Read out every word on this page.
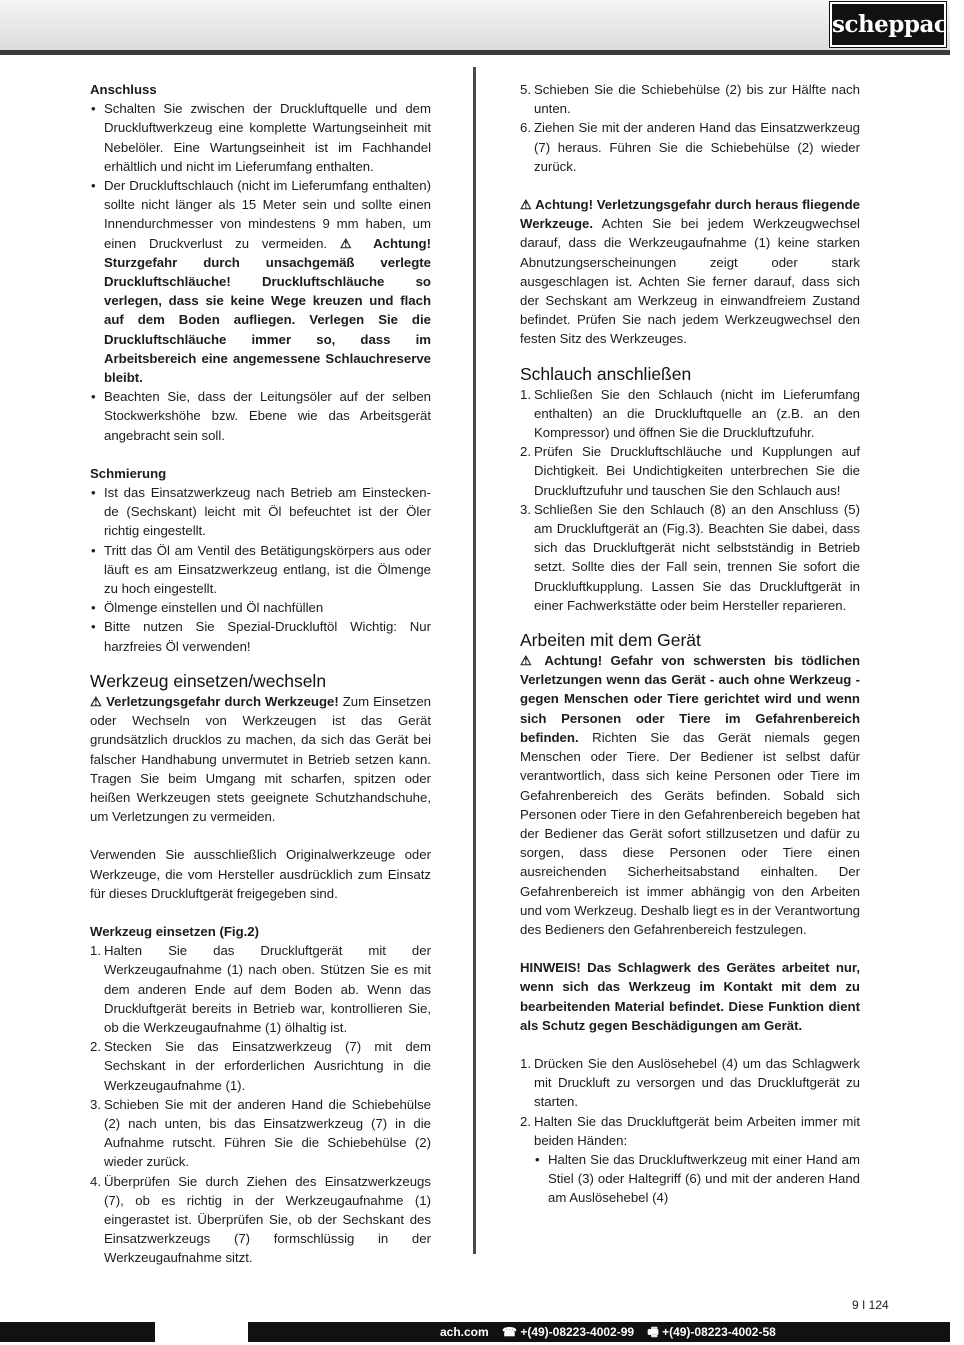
scheppach

Anschluss

• Schalten Sie zwischen der Druckluftquelle und dem Druckluftwerkzeug eine komplette Wartungseinheit mit Nebelöler. Eine Wartungseinheit ist im Fachhandel erhältlich und nicht im Lieferumfang enthalten.
• Der Druckluftschlauch (nicht im Lieferumfang enthalten) sollte nicht länger als 15 Meter sein und sollte einen Innendurchmesser von mindestens 9 mm haben, um einen Druckverlust zu vermeiden. ⚠ Achtung! Sturzgefahr durch unsachgemäß verlegte Druckluftschläuche! Druckluftschläuche so verlegen, dass sie keine Wege kreuzen und flach auf dem Boden aufliegen. Verlegen Sie die Druckluftschläuche immer so, dass im Arbeitsbereich eine angemessene Schlauchreserve bleibt.
• Beachten Sie, dass der Leitungsöler auf der selben Stockwerkshöhe bzw. Ebene wie das Arbeitsgerät angebracht sein soll.

Schmierung

• Ist das Einsatzwerkzeug nach Betrieb am Einstecken-de (Sechskant) leicht mit Öl befeuchtet ist der Öler richtig eingestellt.
• Tritt das Öl am Ventil des Betätigungskörpers aus oder läuft es am Einsatzwerkzeug entlang, ist die Ölmenge zu hoch eingestellt.
• Ölmenge einstellen und Öl nachfüllen
• Bitte nutzen Sie Spezial-Druckluftöl Wichtig: Nur harzfreies Öl verwenden!
Werkzeug einsetzen/wechseln

⚠ Verletzungsgefahr durch Werkzeuge! Zum Einsetzen oder Wechseln von Werkzeugen ist das Gerät grundsätzlich drucklos zu machen, da sich das Gerät bei falscher Handhabung unvermutet in Betrieb setzen kann. Tragen Sie beim Umgang mit scharfen, spitzen oder heißen Werkzeugen stets geeignete Schutzhandschuhe, um Verletzungen zu vermeiden.

Verwenden Sie ausschließlich Originalwerkzeuge oder Werkzeuge, die vom Hersteller ausdrücklich zum Einsatz für dieses Druckluftgerät freigegeben sind.

Werkzeug einsetzen (Fig.2)

1. Halten Sie das Druckluftgerät mit der Werkzeugaufnahme (1) nach oben. Stützen Sie es mit dem anderen Ende auf dem Boden ab. Wenn das Druckluftgerät bereits in Betrieb war, kontrollieren Sie, ob die Werkzeugaufnahme (1) ölhaltig ist.
2. Stecken Sie das Einsatzwerkzeug (7) mit dem Sechskant in der erforderlichen Ausrichtung in die Werkzeugaufnahme (1).
3. Schieben Sie mit der anderen Hand die Schiebehülse (2) nach unten, bis das Einsatzwerkzeug (7) in die Aufnahme rutscht. Führen Sie die Schiebehülse (2) wieder zurück.
4. Überprüfen Sie durch Ziehen des Einsatzwerkzeugs (7), ob es richtig in der Werkzeugaufnahme (1) eingerastet ist. Überprüfen Sie, ob der Sechskant des Einsatzwerkzeugs (7) formschlüssig in der Werkzeugaufnahme sitzt.
5. Schieben Sie die Schiebehülse (2) bis zur Hälfte nach unten.
6. Ziehen Sie mit der anderen Hand das Einsatzwerkzeug (7) heraus. Führen Sie die Schiebehülse (2) wieder zurück.

⚠ Achtung! Verletzungsgefahr durch heraus fliegende Werkzeuge. Achten Sie bei jedem Werkzeugwechsel darauf, dass die Werkzeugaufnahme (1) keine starken Abnutzungserscheinungen zeigt oder stark ausgeschlagen ist. Achten Sie ferner darauf, dass sich der Sechskant am Werkzeug in einwandfreiem Zustand befindet. Prüfen Sie nach jedem Werkzeugwechsel den festen Sitz des Werkzeuges.

Schlauch anschließen
1. Schließen Sie den Schlauch (nicht im Lieferumfang enthalten) an die Druckluftquelle an (z.B. an den Kompressor) und öffnen Sie die Druckluftzufuhr.
2. Prüfen Sie Druckluftschläuche und Kupplungen auf Dichtigkeit. Bei Undichtigkeiten unterbrechen Sie die Druckluftzufuhr und tauschen Sie den Schlauch aus!
3. Schließen Sie den Schlauch (8) an den Anschluss (5) am Druckluftgerät an (Fig.3). Beachten Sie dabei, dass sich das Druckluftgerät nicht selbstständig in Betrieb setzt. Sollte dies der Fall sein, trennen Sie sofort die Druckluftkupplung. Lassen Sie das Druckluftgerät in einer Fachwerkstätte oder beim Hersteller reparieren.
Arbeiten mit dem Gerät

⚠ Achtung! Gefahr von schwersten bis tödlichen Verletzungen wenn das Gerät - auch ohne Werkzeug - gegen Menschen oder Tiere gerichtet wird und wenn sich Personen oder Tiere im Gefahrenbereich befinden. Richten Sie das Gerät niemals gegen Menschen oder Tiere. Der Bediener ist selbst dafür verantwortlich, dass sich keine Personen oder Tiere im Gefahrenbereich des Geräts befinden. Sobald sich Personen oder Tiere in den Gefahrenbereich begeben hat der Bediener das Gerät sofort stillzusetzen und dafür zu sorgen, dass diese Personen oder Tiere einen ausreichenden Sicherheitsabstand einhalten. Der Gefahrenbereich ist immer abhängig von den Arbeiten und vom Werkzeug. Deshalb liegt es in der Verantwortung des Bedieners den Gefahrenbereich festzulegen.

HINWEIS! Das Schlagwerk des Gerätes arbeitet nur, wenn sich das Werkzeug im Kontakt mit dem zu bearbeitenden Material befindet. Diese Funktion dient als Schutz gegen Beschädigungen am Gerät.

1. Drücken Sie den Auslösehebel (4) um das Schlagwerk mit Druckluft zu versorgen und das Druckluftgerät zu starten.
2. Halten Sie das Druckluftgerät beim Arbeiten immer mit beiden Händen:
• Halten Sie das Druckluftwerkzeug mit einer Hand am Stiel (3) oder Haltegriff (6) und mit der anderen Hand am Auslösehebel (4)
9 I 124
ach.com ☎ +(49)-08223-4002-99 🖷 +(49)-08223-4002-58
